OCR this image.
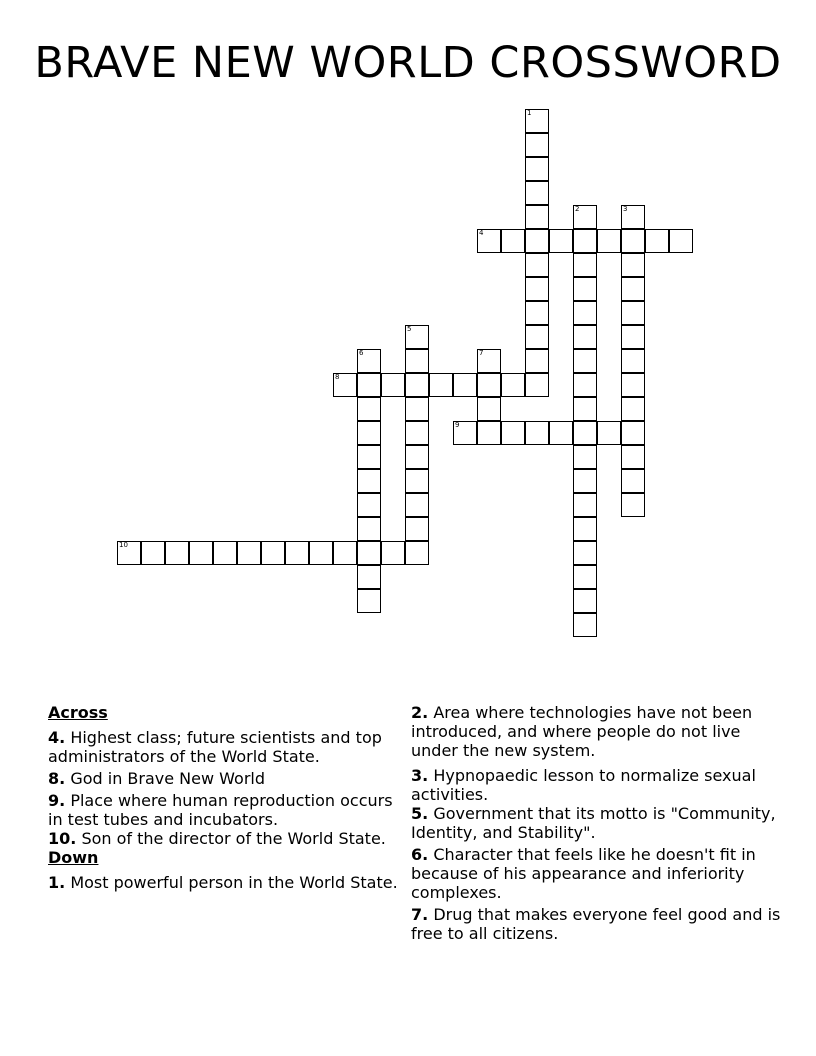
BRAVE NEW WORLD CROSSWORD
1
2	3
4
5
6	7
8
9
10
Across
4. Highest class; future scientists and top administrators of the World State.
8. God in Brave New World
9. Place where human reproduction occurs in test tubes and incubators.
10. Son of the director of the World State.
Down
1. Most powerful person in the World State.
2. Area where technologies have not been introduced, and where people do not live under the new system.
3. Hypnopaedic lesson to normalize sexual activities.
5. Government that its motto is "Community, Identity, and Stability".
6. Character that feels like he doesn't fit in because of his appearance and inferiority complexes.
7. Drug that makes everyone feel good and is free to all citizens.
